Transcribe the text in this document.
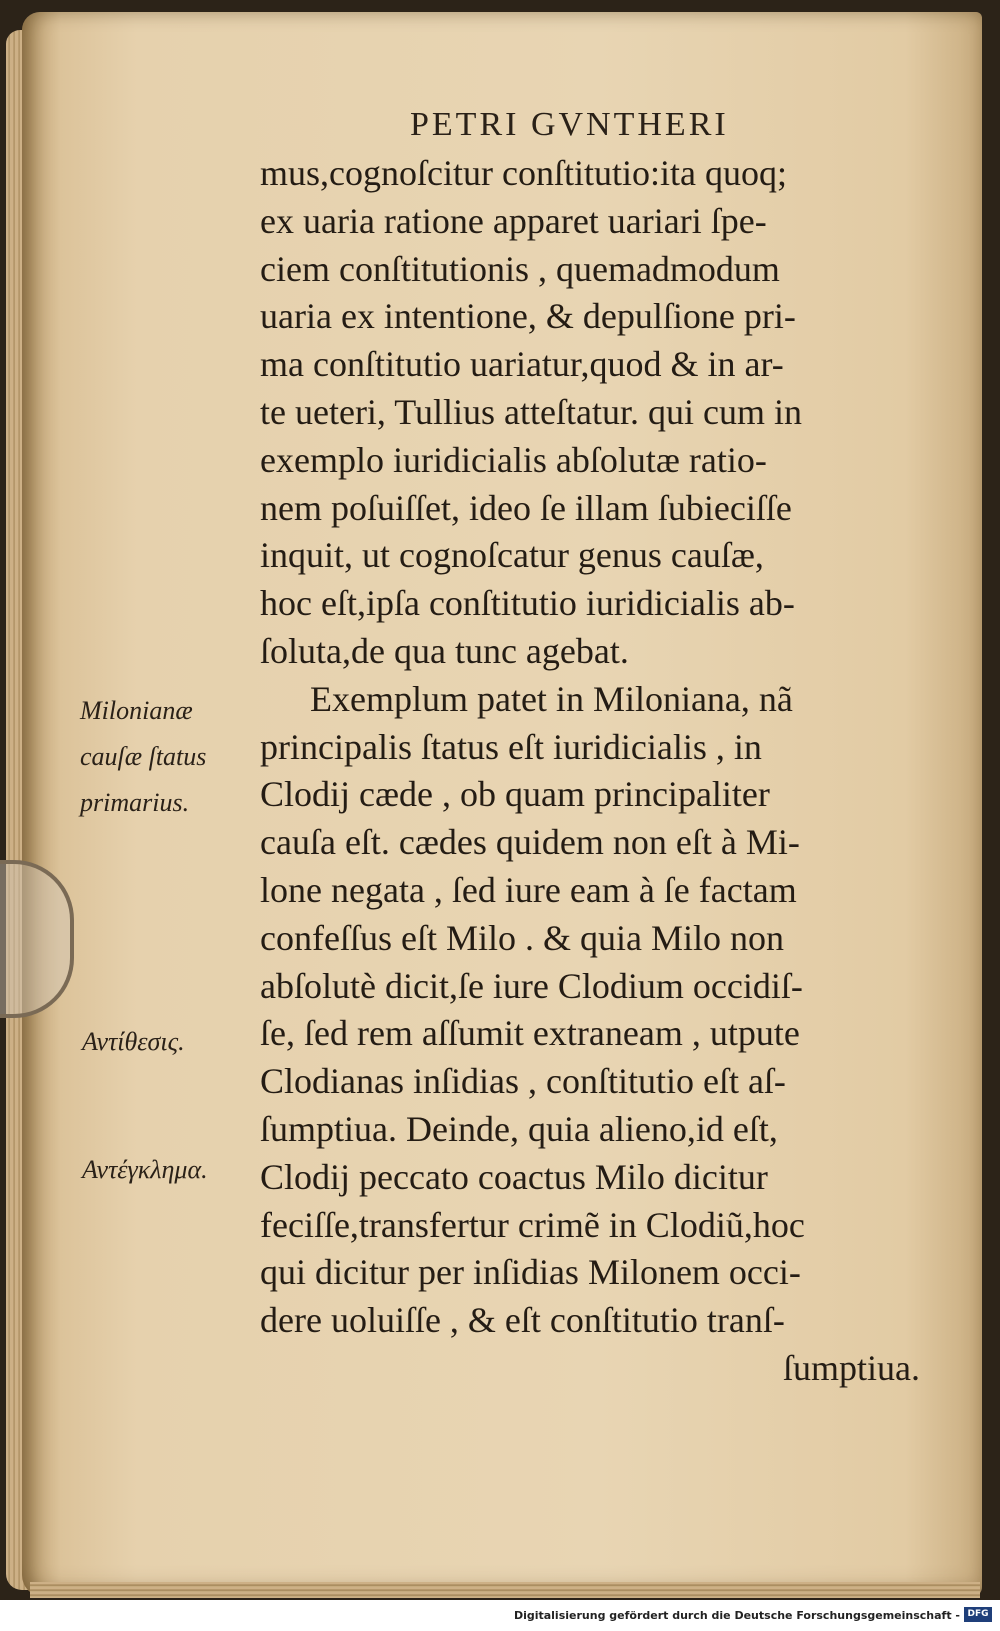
PETRI GVNTHERI
mus,cognoſcitur conſtitutio:ita quoq;
ex uaria ratione apparet uariari ſpe-
ciem conſtitutionis , quemadmodum
uaria ex intentione, & depulſione pri-
ma conſtitutio uariatur,quod & in ar-
te ueteri, Tullius atteſtatur. qui cum in
exemplo iuridicialis abſolutæ ratio-
nem poſuiſſet, ideo ſe illam ſubieciſſe
inquit, ut cognoſcatur genus cauſæ,
hoc eſt,ipſa conſtitutio iuridicialis ab-
ſoluta,de qua tunc agebat.
Exemplum patet in Miloniana, nã
principalis ſtatus eſt iuridicialis , in
Clodij cæde , ob quam principaliter
cauſa eſt. cædes quidem non eſt à Mi-
lone negata , ſed iure eam à ſe factam
confeſſus eſt Milo . & quia Milo non
abſolutè dicit,ſe iure Clodium occidiſ-
ſe, ſed rem aſſumit extraneam , utpute
Clodianas inſidias , conſtitutio eſt aſ-
ſumptiua. Deinde, quia alieno,id eſt,
Clodij peccato coactus Milo dicitur
feciſſe,transfertur crimẽ in Clodiũ,hoc
qui dicitur per inſidias Milonem occi-
dere uoluiſſe , & eſt conſtitutio tranſ-
ſumptiua.
Milonianæ
cauſæ ſtatus
primarius.
Αντίθεσις.
Αντέγκλημα.
Digitalisierung gefördert durch die Deutsche Forschungsgemeinschaft - DFG
